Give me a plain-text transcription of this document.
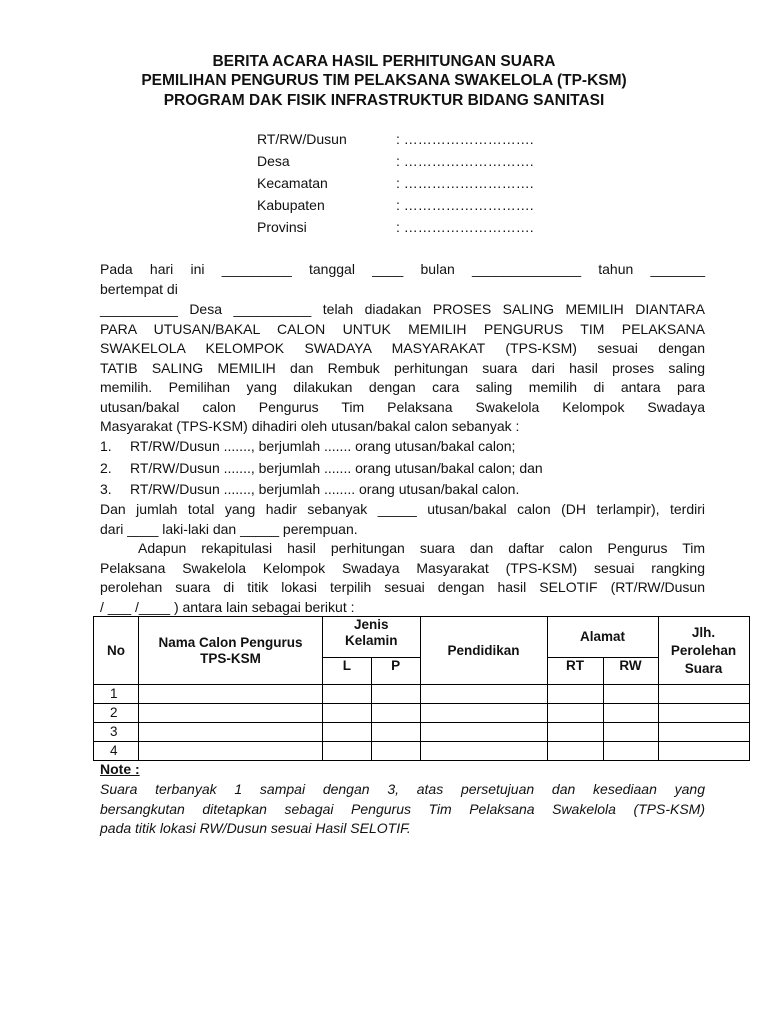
BERITA ACARA HASIL PERHITUNGAN SUARA
PEMILIHAN PENGURUS TIM PELAKSANA SWAKELOLA (TP-KSM)
PROGRAM DAK FISIK INFRASTRUKTUR BIDANG SANITASI
RT/RW/Dusun	: ……………………….
Desa	: ……………………….
Kecamatan	: ……………………….
Kabupaten	: ……………………….
Provinsi	: ……………………….
Pada hari ini _________ tanggal ____ bulan ______________ tahun _______
bertempat di
__________ Desa __________ telah diadakan PROSES SALING MEMILIH DIANTARA
PARA UTUSAN/BAKAL CALON UNTUK MEMILIH PENGURUS TIM PELAKSANA
SWAKELOLA KELOMPOK SWADAYA MASYARAKAT (TPS-KSM) sesuai dengan
TATIB SALING MEMILIH dan Rembuk perhitungan suara dari hasil proses saling
memilih. Pemilihan yang dilakukan dengan cara saling memilih di antara para
utusan/bakal calon Pengurus Tim Pelaksana Swakelola Kelompok Swadaya
Masyarakat (TPS-KSM) dihadiri oleh utusan/bakal calon sebanyak :
1.	RT/RW/Dusun ......., berjumlah ....... orang utusan/bakal calon;
2.	RT/RW/Dusun ......., berjumlah ....... orang utusan/bakal calon; dan
3.	RT/RW/Dusun ......., berjumlah ........ orang utusan/bakal calon.
Dan jumlah total yang hadir sebanyak _____ utusan/bakal calon (DH terlampir), terdiri
dari ____ laki-laki dan _____ perempuan.
Adapun rekapitulasi hasil perhitungan suara dan daftar calon Pengurus Tim
Pelaksana Swakelola Kelompok Swadaya Masyarakat (TPS-KSM) sesuai rangking
perolehan suara di titik lokasi terpilih sesuai dengan hasil SELOTIF (RT/RW/Dusun
/ ___ /____ ) antara lain sebagai berikut :
No	Nama Calon Pengurus TPS-KSM	Jenis Kelamin		Pendidikan	Alamat		Jlh. Perolehan Suara
		L	P		RT	RW	
1							
2							
3							
4							
Note :
Suara terbanyak 1 sampai dengan 3, atas persetujuan dan kesediaan yang
bersangkutan ditetapkan sebagai Pengurus Tim Pelaksana Swakelola (TPS-KSM)
pada titik lokasi RW/Dusun sesuai Hasil SELOTIF.
